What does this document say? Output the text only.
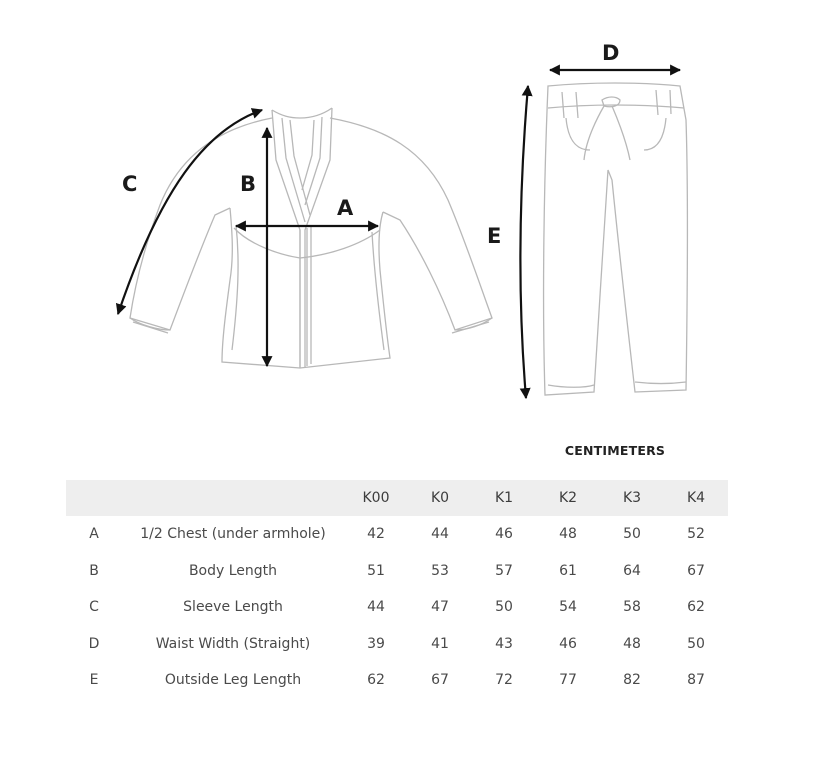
C	B
A
D
E
CENTIMETERS
		K00	K0	K1	K2	K3	K4
A	1/2 Chest (under armhole)	42	44	46	48	50	52
B	Body Length	51	53	57	61	64	67
C	Sleeve Length	44	47	50	54	58	62
D	Waist Width (Straight)	39	41	43	46	48	50
E	Outside Leg Length	62	67	72	77	82	87
